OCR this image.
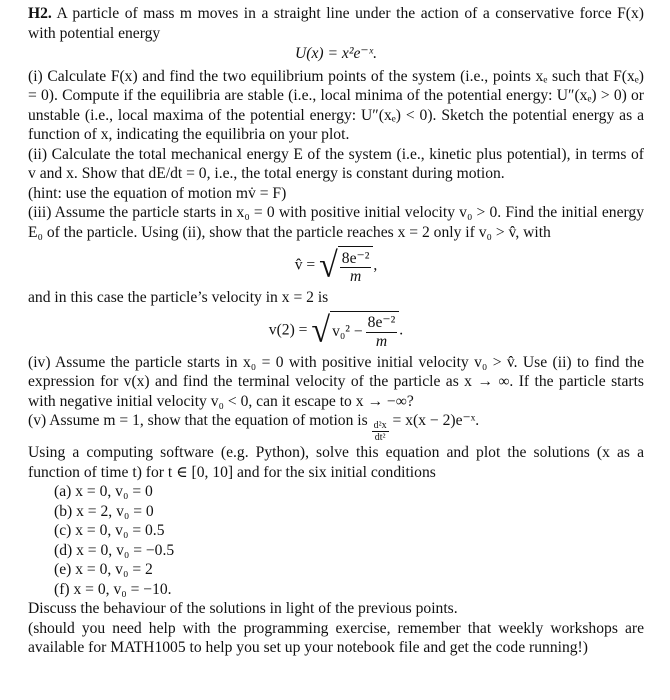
H2. A particle of mass m moves in a straight line under the action of a conservative force F(x) with potential energy

U(x) = x²e⁻ˣ.

(i) Calculate F(x) and find the two equilibrium points of the system (i.e., points xₑ such that F(xₑ) = 0). Compute if the equilibria are stable (i.e., local minima of the potential energy: U″(xₑ) > 0) or unstable (i.e., local maxima of the potential energy: U″(xₑ) < 0). Sketch the potential energy as a function of x, indicating the equilibria on your plot.

(ii) Calculate the total mechanical energy E of the system (i.e., kinetic plus potential), in terms of v and x. Show that dE/dt = 0, i.e., the total energy is constant during motion.

(hint: use the equation of motion mv̇ = F)

(iii) Assume the particle starts in x₀ = 0 with positive initial velocity v₀ > 0. Find the initial energy E₀ of the particle. Using (ii), show that the particle reaches x = 2 only if v₀ > v̂, with

v̂ = √ $\frac{\text{8e⁻²}}{m}$ ,

and in this case the particle’s velocity in x = 2 is

v(2) = √ $v_0^2 - \frac{\text{8e⁻²}}{m}$ .

(iv) Assume the particle starts in x₀ = 0 with positive initial velocity v₀ > v̂. Use (ii) to find the expression for v(x) and find the terminal velocity of the particle as x → ∞. If the particle starts with negative initial velocity v₀ < 0, can it escape to x → −∞?

(v) Assume m = 1, show that the equation of motion is $\frac{\text{d²x}}{\text{dt²}} = x(x$ − 2)e⁻ˣ.

Using a computing software (e.g. Python), solve this equation and plot the solutions (x as a function of time t) for t ∈ [0, 10] and for the six initial conditions

(a) x = 0, v₀ = 0

(b) x = 2, v₀ = 0

(c) x = 0, v₀ = 0.5

(d) x = 0, v₀ = −0.5

(e) x = 0, v₀ = 2

(f) x = 0, v₀ = −10.

Discuss the behaviour of the solutions in light of the previous points.

(should you need help with the programming exercise, remember that weekly workshops are available for MATH1005 to help you set up your notebook file and get the code running!)
